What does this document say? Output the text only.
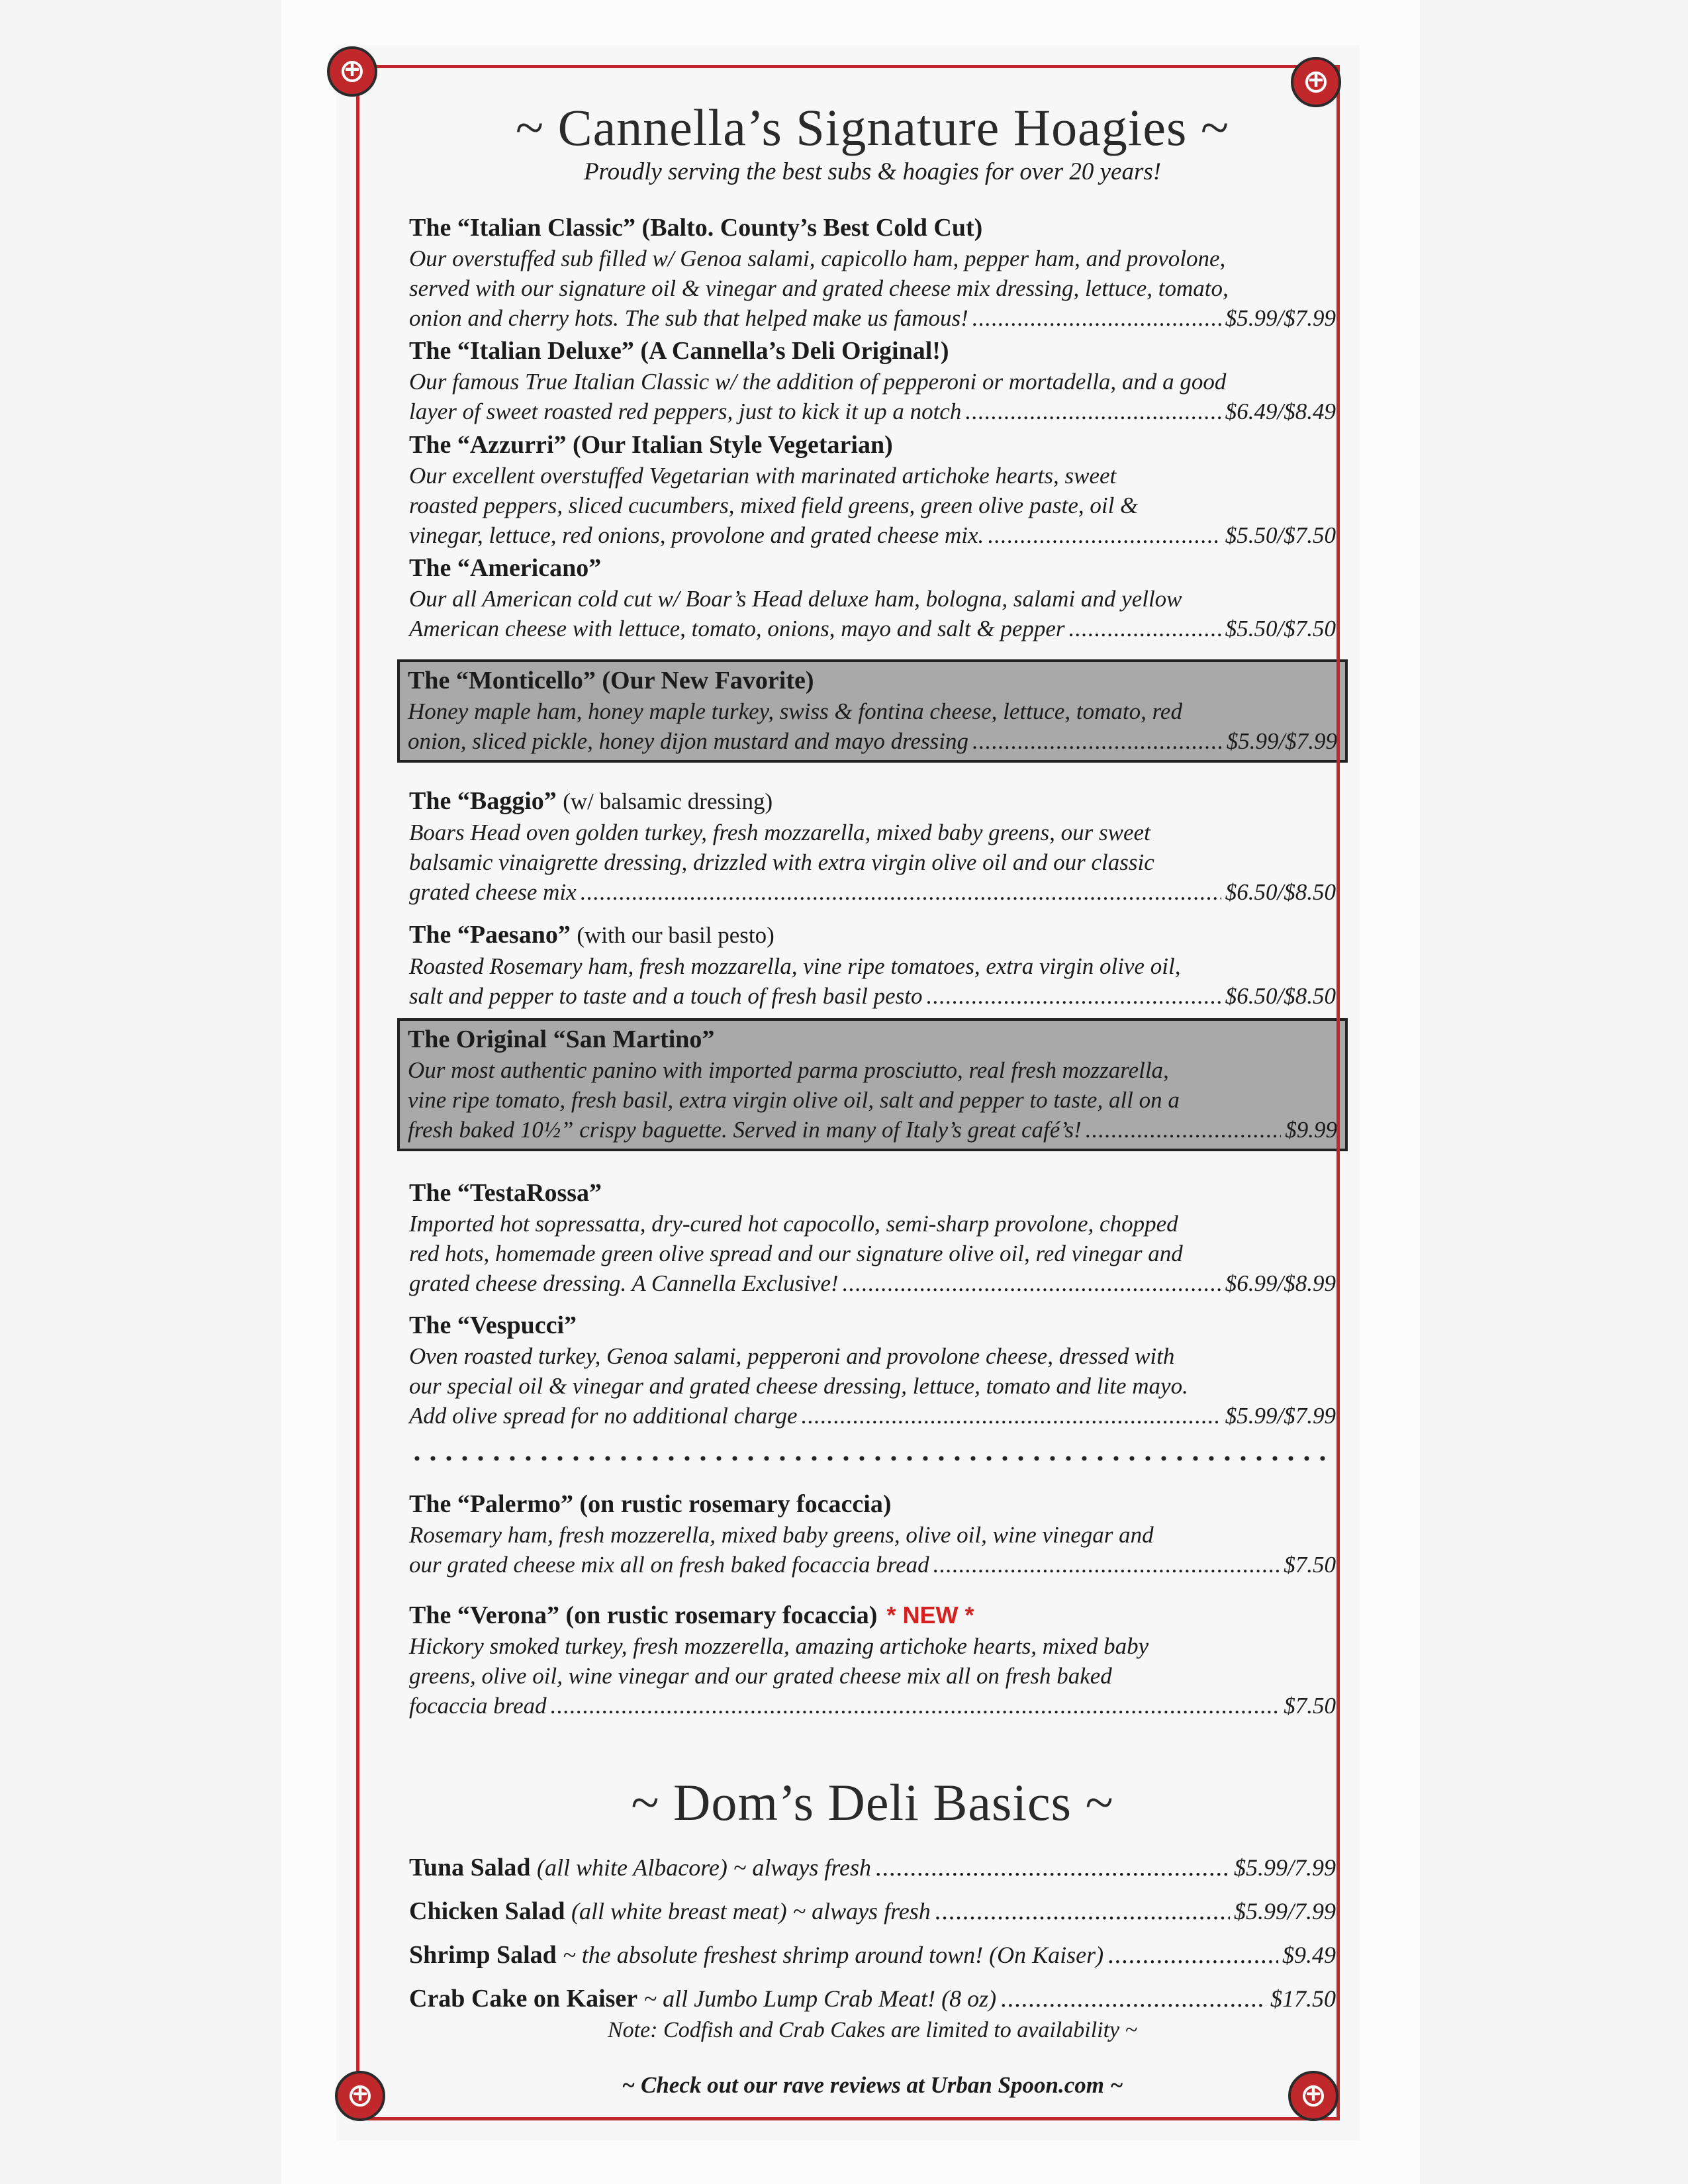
~ Cannella’s Signature Hoagies ~
Proudly serving the best subs & hoagies for over 20 years!
The “Italian Classic” (Balto. County’s Best Cold Cut)
Our overstuffed sub filled w/ Genoa salami, capicollo ham, pepper ham, and provolone,
served with our signature oil & vinegar and grated cheese mix dressing, lettuce, tomato,
onion and cherry hots. The sub that helped make us famous! .....	$5.99/$7.99
The “Italian Deluxe” (A Cannella’s Deli Original!)
Our famous True Italian Classic w/ the addition of pepperoni or mortadella, and a good
layer of sweet roasted red peppers, just to kick it up a notch .....	$6.49/$8.49
The “Azzurri” (Our Italian Style Vegetarian)
Our excellent overstuffed Vegetarian with marinated artichoke hearts, sweet
roasted peppers, sliced cucumbers, mixed field greens, green olive paste, oil &
vinegar, lettuce, red onions, provolone and grated cheese mix. .....	$5.50/$7.50
The “Americano”
Our all American cold cut w/ Boar’s Head deluxe ham, bologna, salami and yellow
American cheese with lettuce, tomato, onions, mayo and salt & pepper .....	$5.50/$7.50
The “Monticello” (Our New Favorite)
Honey maple ham, honey maple turkey, swiss & fontina cheese, lettuce, tomato, red
onion, sliced pickle, honey dijon mustard and mayo dressing .....	$5.99/$7.99
The “Baggio” (w/ balsamic dressing)
Boars Head oven golden turkey, fresh mozzarella, mixed baby greens, our sweet
balsamic vinaigrette dressing, drizzled with extra virgin olive oil and our classic
grated cheese mix .....	$6.50/$8.50
The “Paesano” (with our basil pesto)
Roasted Rosemary ham, fresh mozzarella, vine ripe tomatoes, extra virgin olive oil,
salt and pepper to taste and a touch of fresh basil pesto .....	$6.50/$8.50
The Original “San Martino”
Our most authentic panino with imported parma prosciutto, real fresh mozzarella,
vine ripe tomato, fresh basil, extra virgin olive oil, salt and pepper to taste, all on a
fresh baked 10½” crispy baguette. Served in many of Italy’s great café’s! .....	$9.99
The “TestaRossa”
Imported hot sopressatta, dry-cured hot capocollo, semi-sharp provolone, chopped
red hots, homemade green olive spread and our signature olive oil, red vinegar and
grated cheese dressing. A Cannella Exclusive! .....	$6.99/$8.99
The “Vespucci”
Oven roasted turkey, Genoa salami, pepperoni and provolone cheese, dressed with
our special oil & vinegar and grated cheese dressing, lettuce, tomato and lite mayo.
Add olive spread for no additional charge .....	$5.99/$7.99
The “Palermo” (on rustic rosemary focaccia)
Rosemary ham, fresh mozzerella, mixed baby greens, olive oil, wine vinegar and
our grated cheese mix all on fresh baked focaccia bread .....	$7.50
The “Verona” (on rustic rosemary focaccia) * NEW *
Hickory smoked turkey, fresh mozzerella, amazing artichoke hearts, mixed baby
greens, olive oil, wine vinegar and our grated cheese mix all on fresh baked
focaccia bread .....	$7.50
~ Dom’s Deli Basics ~
Tuna Salad
(all white Albacore) ~ always fresh .....	$5.99/7.99
Chicken Salad
(all white breast meat) ~ always fresh .....	$5.99/7.99
Shrimp Salad
~ the absolute freshest shrimp around town! (On Kaiser) .....	$9.49
Crab Cake on Kaiser
~ all Jumbo Lump Crab Meat! (8 oz) .....	$17.50
Note: Codfish and Crab Cakes are limited to availability ~
~ Check out our rave reviews at Urban Spoon.com ~
+
+
+
+
